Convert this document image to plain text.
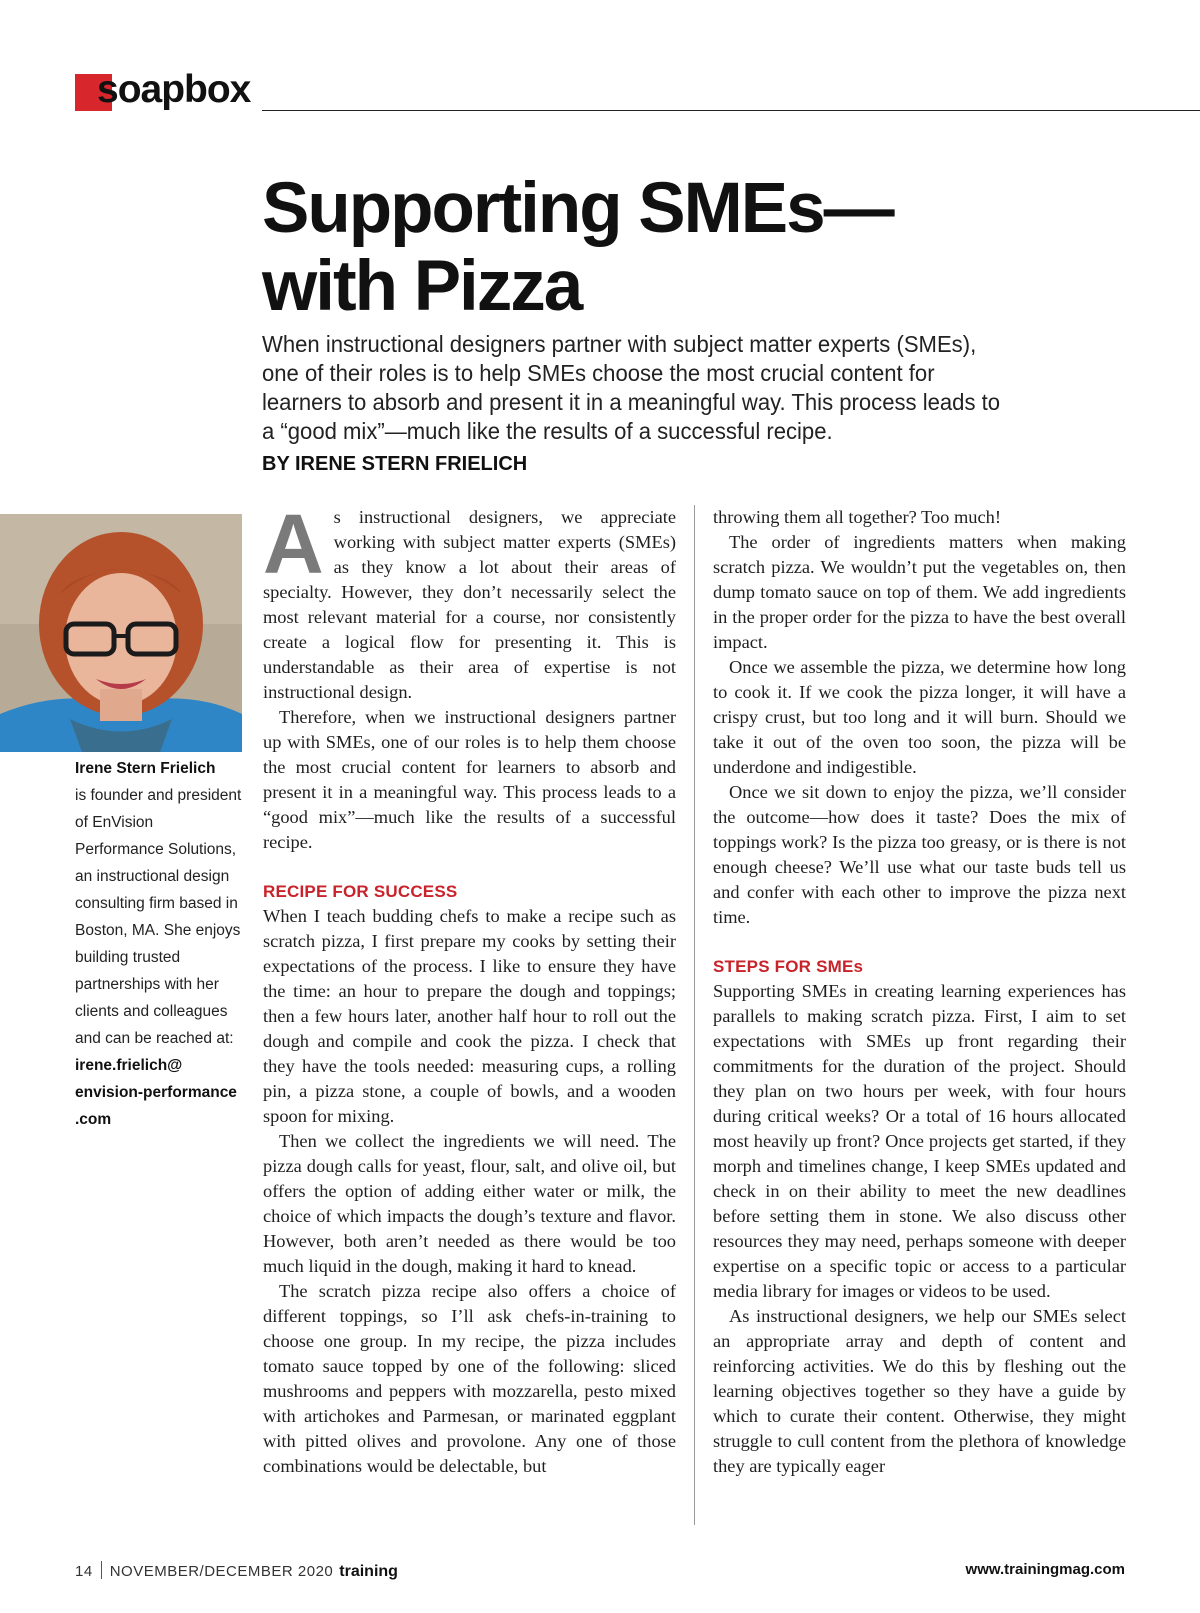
soapbox
Supporting SMEs—
with Pizza

When instructional designers partner with subject matter experts (SMEs), one of their roles is to help SMEs choose the most crucial content for learners to absorb and present it in a meaningful way. This process leads to a “good mix”—much like the results of a successful recipe.

BY IRENE STERN FRIELICH
Irene Stern Frielich
is founder and president of EnVision Performance Solutions, an instructional design consulting firm based in Boston, MA. She enjoys building trusted partnerships with her clients and colleagues and can be reached at:
irene.frielich@
envision-performance
.com
A s instructional designers, we appreciate working with subject matter experts (SMEs) as they know a lot about their areas of specialty. However, they don’t necessarily select the most relevant material for a course, nor consistently create a logical flow for presenting it. This is understandable as their area of expertise is not instructional design.

Therefore, when we instructional designers partner up with SMEs, one of our roles is to help them choose the most crucial content for learners to absorb and present it in a meaningful way. This process leads to a “good mix”—much like the results of a successful recipe.

RECIPE FOR SUCCESS

When I teach budding chefs to make a recipe such as scratch pizza, I first prepare my cooks by setting their expectations of the process. I like to ensure they have the time: an hour to prepare the dough and toppings; then a few hours later, another half hour to roll out the dough and compile and cook the pizza. I check that they have the tools needed: measuring cups, a rolling pin, a pizza stone, a couple of bowls, and a wooden spoon for mixing.

Then we collect the ingredients we will need. The pizza dough calls for yeast, flour, salt, and olive oil, but offers the option of adding either water or milk, the choice of which impacts the dough’s texture and flavor. However, both aren’t needed as there would be too much liquid in the dough, making it hard to knead.

The scratch pizza recipe also offers a choice of different toppings, so I’ll ask chefs-in-training to choose one group. In my recipe, the pizza includes tomato sauce topped by one of the following: sliced mushrooms and peppers with mozzarella, pesto mixed with artichokes and Parmesan, or marinated eggplant with pitted olives and provolone. Any one of those combinations would be delectable, but

throwing them all together? Too much!

The order of ingredients matters when making scratch pizza. We wouldn’t put the vegetables on, then dump tomato sauce on top of them. We add ingredients in the proper order for the pizza to have the best overall impact.

Once we assemble the pizza, we determine how long to cook it. If we cook the pizza longer, it will have a crispy crust, but too long and it will burn. Should we take it out of the oven too soon, the pizza will be underdone and indigestible.

Once we sit down to enjoy the pizza, we’ll consider the outcome—how does it taste? Does the mix of toppings work? Is the pizza too greasy, or is there is not enough cheese? We’ll use what our taste buds tell us and confer with each other to improve the pizza next time.

STEPS FOR SMEs

Supporting SMEs in creating learning experiences has parallels to making scratch pizza. First, I aim to set expectations with SMEs up front regarding their commitments for the duration of the project. Should they plan on two hours per week, with four hours during critical weeks? Or a total of 16 hours allocated most heavily up front? Once projects get started, if they morph and timelines change, I keep SMEs updated and check in on their ability to meet the new deadlines before setting them in stone. We also discuss other resources they may need, perhaps someone with deeper expertise on a specific topic or access to a particular media library for images or videos to be used.

As instructional designers, we help our SMEs select an appropriate array and depth of content and reinforcing activities. We do this by fleshing out the learning objectives together so they have a guide by which to curate their content. Otherwise, they might struggle to cull content from the plethora of knowledge they are typically eager

14 NOVEMBER/DECEMBER 2020 training	www.trainingmag.com
